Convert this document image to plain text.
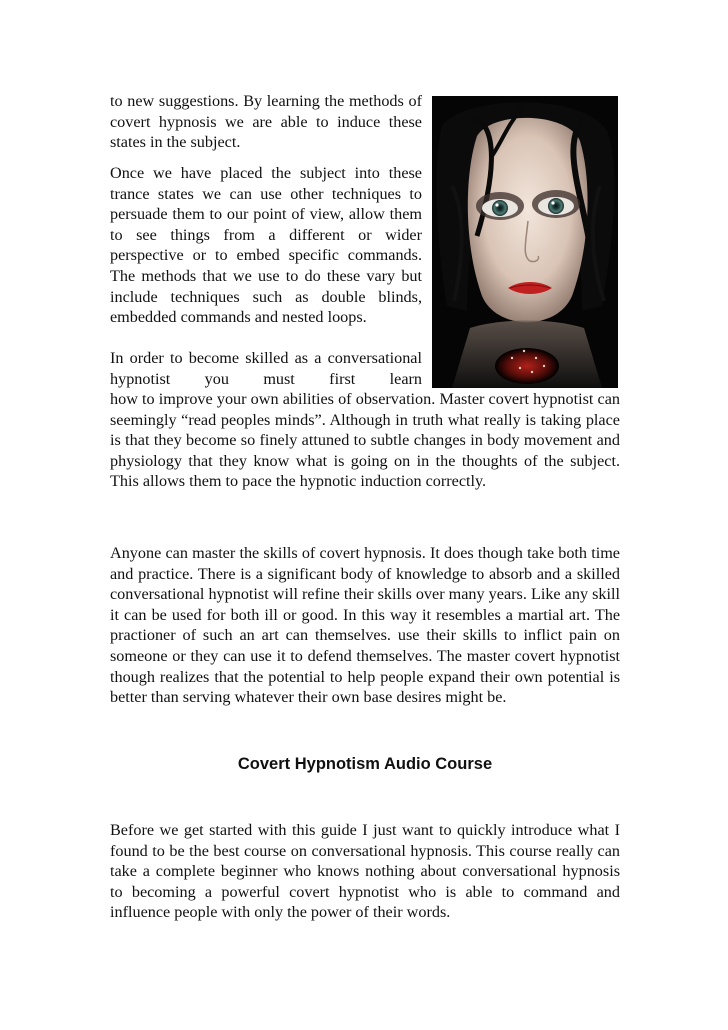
to new suggestions. By learning the methods of covert hypnosis we are able to induce these states in the subject.
Once we have placed the subject into these trance states we can use other techniques to persuade them to our point of view, allow them to see things from a different or wider perspective or to embed specific commands. The methods that we use to do these vary but include techniques such as double blinds, embedded commands and nested loops.
In order to become skilled as a conversational hypnotist you must first learn
how to improve your own abilities of observation. Master covert hypnotist can seemingly “read peoples minds”. Although in truth what really is taking place is that they become so finely attuned to subtle changes in body movement and physiology that they know what is going on in the thoughts of the subject. This allows them to pace the hypnotic induction correctly.
Anyone can master the skills of covert hypnosis. It does though take both time and practice. There is a significant body of knowledge to absorb and a skilled conversational hypnotist will refine their skills over many years. Like any skill it can be used for both ill or good. In this way it resembles a martial art. The practioner of such an art can themselves. use their skills to inflict pain on someone or they can use it to defend themselves. The master covert hypnotist though realizes that the potential to help people expand their own potential is better than serving whatever their own base desires might be.
Covert Hypnotism Audio Course
Before we get started with this guide I just want to quickly introduce what I found to be the best course on conversational hypnosis. This course really can take a complete beginner who knows nothing about conversational hypnosis to becoming a powerful covert hypnotist who is able to command and influence people with only the power of their words.
